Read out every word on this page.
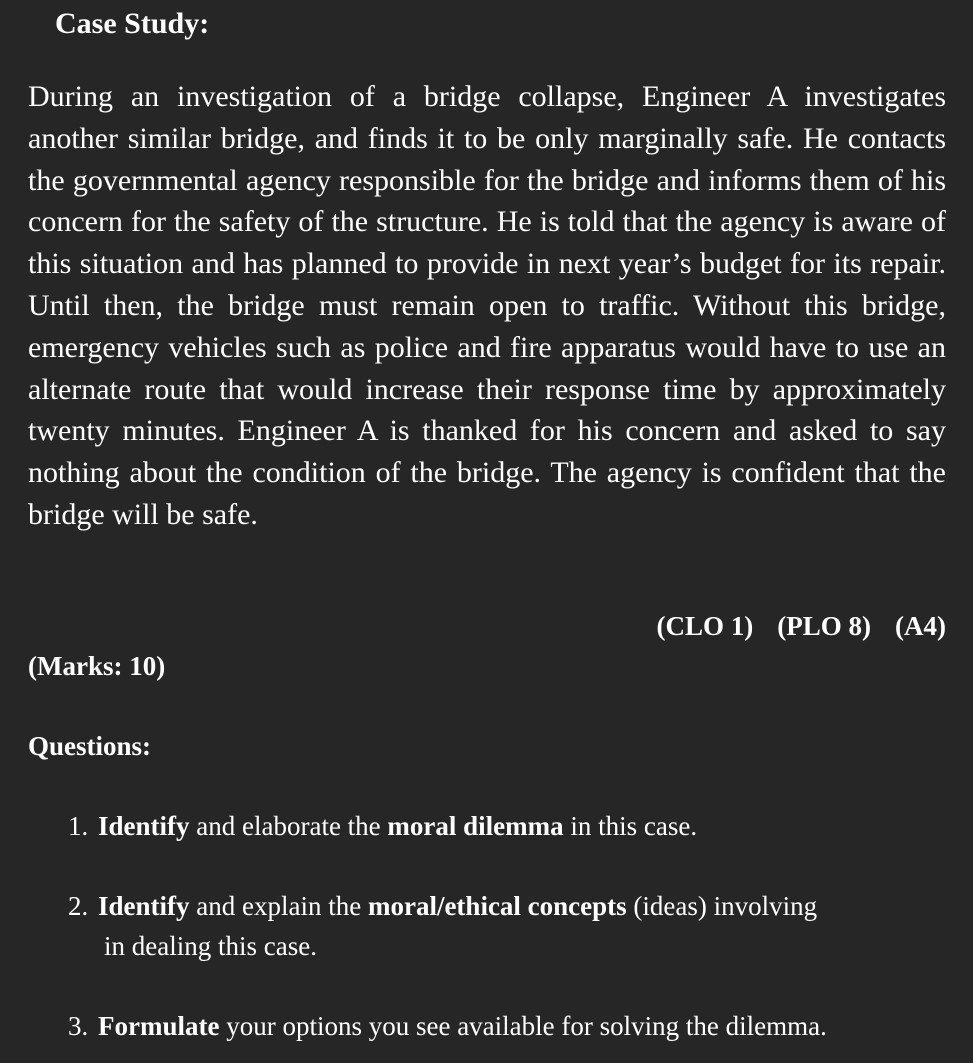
Case Study:

During an investigation of a bridge collapse, Engineer A investigates another similar bridge, and finds it to be only marginally safe. He contacts the governmental agency responsible for the bridge and informs them of his concern for the safety of the structure. He is told that the agency is aware of this situation and has planned to provide in next year’s budget for its repair. Until then, the bridge must remain open to traffic. Without this bridge, emergency vehicles such as police and fire apparatus would have to use an alternate route that would increase their response time by approximately twenty minutes. Engineer A is thanked for his concern and asked to say nothing about the condition of the bridge. The agency is confident that the bridge will be safe.

(CLO 1) (PLO 8) (A4)
(Marks: 10)
Questions:

1. Identify and elaborate the moral dilemma in this case.

2. Identify and explain the moral/ethical concepts (ideas) involving
in dealing this case.

3. Formulate your options you see available for solving the dilemma.
